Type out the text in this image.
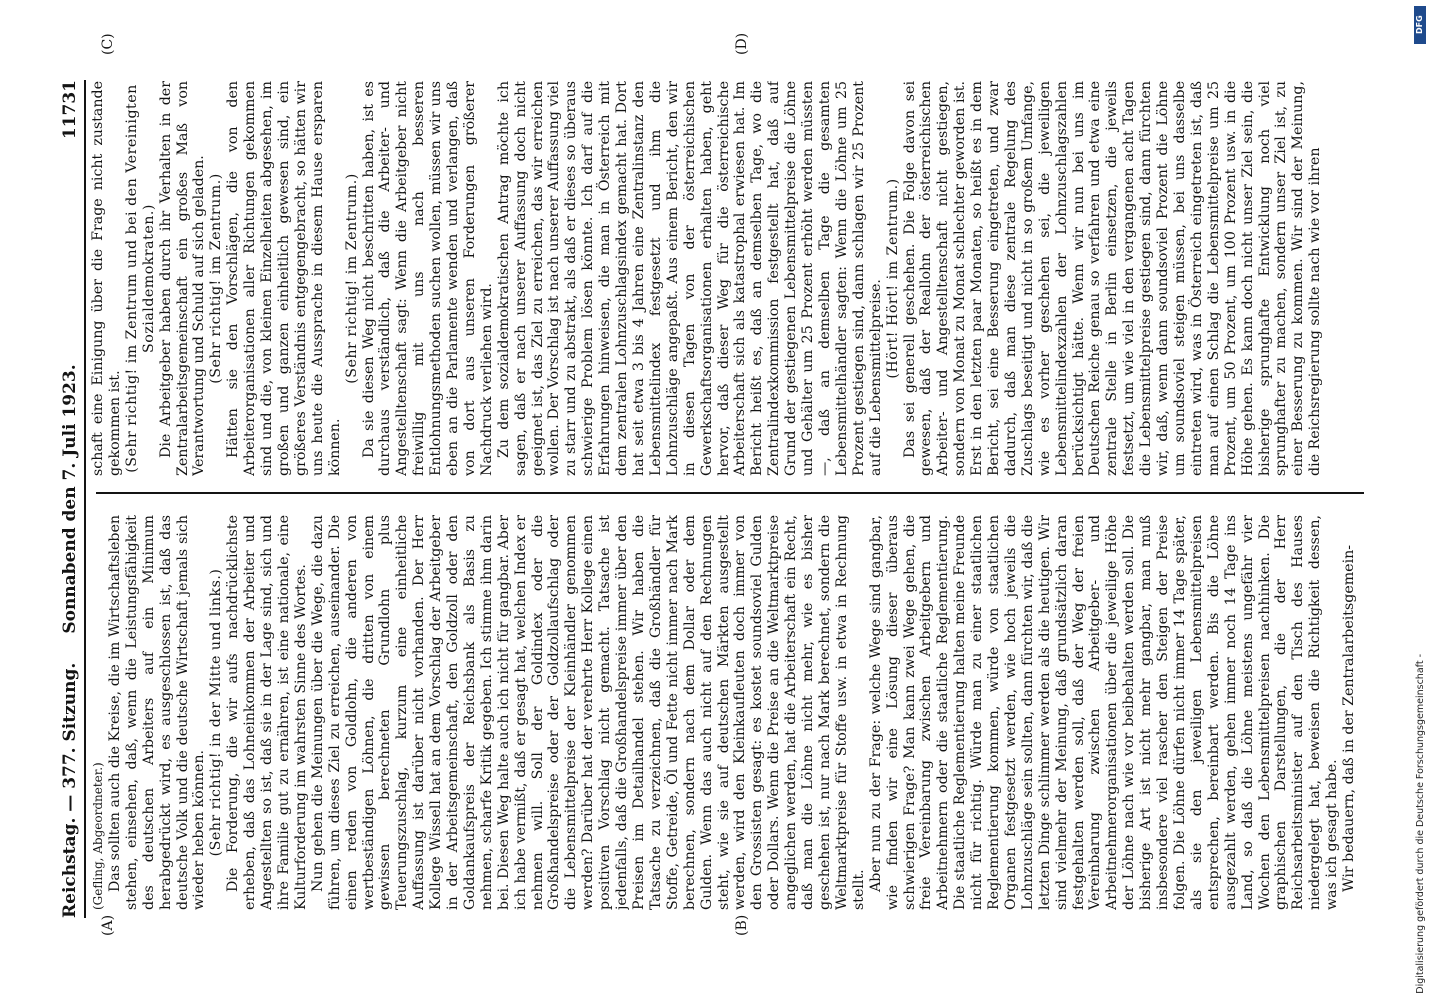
Reichstag. — 377. Sitzung.
Sonnabend den 7. Juli 1923.
11731
(A)	(B)
(C)	(D)

(Gefling, Abgeordneter.) Das sollten auch die Kreise, die im Wirtschaftsleben stehen, einsehen, daß, wenn die Leistungsfähigkeit des deutschen Arbeiters auf ein Minimum herabgedrückt wird, es ausgeschlossen ist, daß das deutsche Volk und die deutsche Wirtschaft jemals sich wieder heben können. (Sehr richtig! in der Mitte und links.) Die Forderung, die wir aufs nachdrücklichste erheben, daß das Lohneinkommen der Arbeiter und Angestellten so ist, daß sie in der Lage sind, sich und ihre Familie gut zu ernähren, ist eine nationale, eine Kulturforderung im wahrsten Sinne des Wortes. Nun gehen die Meinungen über die Wege, die dazu führen, um dieses Ziel zu erreichen, auseinander. Die einen reden von Goldlohn, die anderen von wertbeständigen Löhnen, die dritten von einem gewissen berechneten Grundlohn plus Teuerungszuschlag, kurzum eine einheitliche Auffassung ist darüber nicht vorhanden. Der Herr Kollege Wissell hat an dem Vorschlag der Arbeitgeber in der Arbeitsgemeinschaft, den Goldzoll oder den Goldankaufspreis der Reichsbank als Basis zu nehmen, scharfe Kritik gegeben. Ich stimme ihm darin bei. Diesen Weg halte auch ich nicht für gangbar. Aber ich habe vermißt, daß er gesagt hat, welchen Index er nehmen will. Soll der Goldindex oder die Großhandelspreise oder der Goldzollaufschlag oder die Lebensmittelpreise der Kleinhändler genommen werden? Darüber hat der verehrte Herr Kollege einen positiven Vorschlag nicht gemacht. Tatsache ist jedenfalls, daß die Großhandelspreise immer über den Preisen im Detailhandel stehen. Wir haben die Tatsache zu verzeichnen, daß die Großhändler für Stoffe, Getreide, Öl und Fette nicht immer nach Mark berechnen, sondern nach dem Dollar oder dem Gulden. Wenn das auch nicht auf den Rechnungen steht, wie sie auf deutschen Märkten ausgestellt werden, wird den Kleinkaufleuten doch immer von den Grossisten gesagt: es kostet soundsoviel Gulden oder Dollars. Wenn die Preise an die Weltmarktpreise angeglichen werden, hat die Arbeiterschaft ein Recht, daß man die Löhne nicht mehr, wie es bisher geschehen ist, nur nach Mark berechnet, sondern die Weltmarktpreise für Stoffe usw. in etwa in Rechnung stellt. Aber nun zu der Frage: welche Wege sind gangbar, wie finden wir eine Lösung dieser überaus schwierigen Frage? Man kann zwei Wege gehen, die freie Vereinbarung zwischen Arbeitgebern und Arbeitnehmern oder die staatliche Reglementierung. Die staatliche Reglementierung halten meine Freunde nicht für richtig. Würde man zu einer staatlichen Reglementierung kommen, würde von staatlichen Organen festgesetzt werden, wie hoch jeweils die Lohnzuschläge sein sollten, dann fürchten wir, daß die letzten Dinge schlimmer werden als die heutigen. Wir sind vielmehr der Meinung, daß grundsätzlich daran festgehalten werden soll, daß der Weg der freien Vereinbarung zwischen Arbeitgeber- und Arbeitnehmerorganisationen über die jeweilige Höhe der Löhne nach wie vor beibehalten werden soll. Die bisherige Art ist nicht mehr gangbar, man muß insbesondere viel rascher den Steigen der Preise folgen. Die Löhne dürfen nicht immer 14 Tage später, als sie den jeweiligen Lebensmittelpreisen entsprechen, bereinbart werden. Bis die Löhne ausgezahlt werden, gehen immer noch 14 Tage ins Land, so daß die Löhne meistens ungefähr vier Wochen den Lebensmittelpreisen nachhinken. Die graphischen Darstellungen, die der Herr Reichsarbeitsminister auf den Tisch des Hauses niedergelegt hat, beweisen die Richtigkeit dessen, was ich gesagt habe. Wir bedauern, daß in der Zentralarbeitsgemein-

schaft eine Einigung über die Frage nicht zustande gekommen ist. (Sehr richtig! im Zentrum und bei den Vereinigten Sozialdemokraten.) Die Arbeitgeber haben durch ihr Verhalten in der Zentralarbeitsgemeinschaft ein großes Maß von Verantwortung und Schuld auf sich geladen. (Sehr richtig! im Zentrum.) Hätten sie den Vorschlägen, die von den Arbeiterorganisationen aller Richtungen gekommen sind und die, von kleinen Einzelheiten abgesehen, im großen und ganzen einheitlich gewesen sind, ein größeres Verständnis entgegengebracht, so hätten wir uns heute die Aussprache in diesem Hause ersparen können.

(Sehr richtig! im Zentrum.) Da sie diesen Weg nicht beschritten haben, ist es durchaus verständlich, daß die Arbeiter- und Angestelltenschaft sagt: Wenn die Arbeitgeber nicht freiwillig mit uns nach besseren Entlohnungsmethoden suchen wollen, müssen wir uns eben an die Parlamente wenden und verlangen, daß von dort aus unseren Forderungen größerer Nachdruck verliehen wird. Zu dem sozialdemokratischen Antrag möchte ich sagen, daß er nach unserer Auffassung doch nicht geeignet ist, das Ziel zu erreichen, das wir erreichen wollen. Der Vorschlag ist nach unserer Auffassung viel zu starr und zu abstrakt, als daß er dieses so überaus schwierige Problem lösen könnte. Ich darf auf die Erfahrungen hinweisen, die man in Österreich mit dem zentralen Lohnzuschlagsindex gemacht hat. Dort hat seit etwa 3 bis 4 Jahren eine Zentralinstanz den Lebensmittelindex festgesetzt und ihm die Lohnzuschläge angepaßt. Aus einem Bericht, den wir in diesen Tagen von der österreichischen Gewerkschaftsorganisationen erhalten haben, geht hervor, daß dieser Weg für die österreichische Arbeiterschaft sich als katastrophal erwiesen hat. Im Bericht heißt es, daß an demselben Tage, wo die Zentralindexkommission festgestellt hat, daß auf Grund der gestiegenen Lebensmittelpreise die Löhne und Gehälter um 25 Prozent erhöht werden müssten —, daß an demselben Tage die gesamten Lebensmittelhändler sagten: Wenn die Löhne um 25 Prozent gestiegen sind, dann schlagen wir 25 Prozent auf die Lebensmittelpreise. (Hört! Hört! im Zentrum.) Das sei generell geschehen. Die Folge davon sei gewesen, daß der Reallohn der österreichischen Arbeiter- und Angestelltenschaft nicht gestiegen, sondern von Monat zu Monat schlechter geworden ist. Erst in den letzten paar Monaten, so heißt es in dem Bericht, sei eine Besserung eingetreten, und zwar dadurch, daß man diese zentrale Regelung des Zuschlags beseitigt und nicht in so großem Umfange, wie es vorher geschehen sei, die jeweiligen Lebensmittelindexzahlen der Lohnzuschlagszahlen berücksichtigt hätte. Wenn wir nun bei uns im Deutschen Reiche genau so verfahren und etwa eine zentrale Stelle in Berlin einsetzen, die jeweils festsetzt, um wie viel in den vergangenen acht Tagen die Lebensmittelpreise gestiegen sind, dann fürchten wir, daß, wenn dann soundsoviel Prozent die Löhne um soundsoviel steigen müssen, bei uns dasselbe eintreten wird, was in Österreich eingetreten ist, daß man auf einen Schlag die Lebensmittelpreise um 25 Prozent, um 50 Prozent, um 100 Prozent usw. in die Höhe gehen. Es kann doch nicht unser Ziel sein, die bisherige sprunghafte Entwicklung noch viel sprunghafter zu machen, sondern unser Ziel ist, zu einer Besserung zu kommen. Wir sind der Meinung, die Reichsregierung sollte nach wie vor ihren

DFG
Digitalisierung gefördert durch die Deutsche Forschungsgemeinschaft -
